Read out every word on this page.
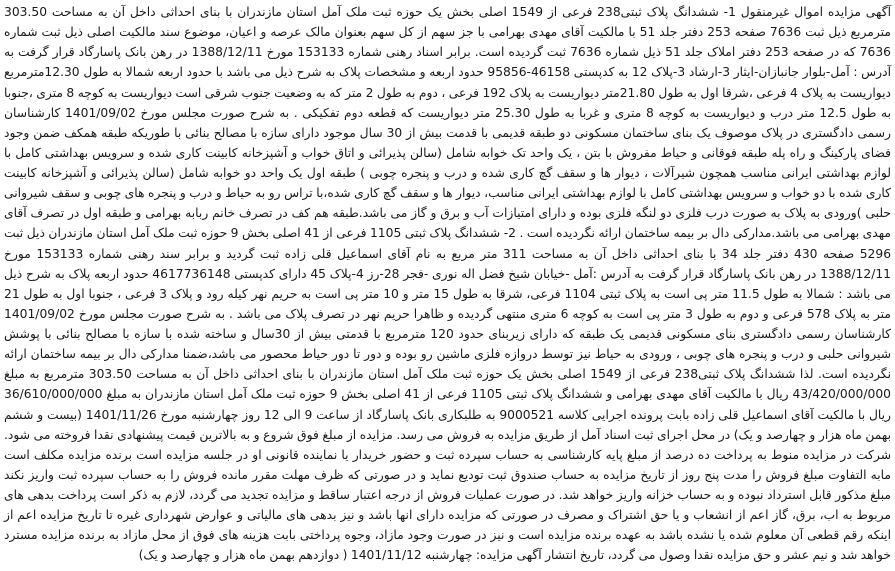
آگهی مزایده اموال غیرمنقول 1- ششدانگ پلاک ثبتی238 فرعی از 1549 اصلی بخش یک حوزه ثبت ملک آمل استان مازندران با بنای احداثی داخل آن به مساحت 303.50 مترمربع ذیل ثبت 7636 صفحه 253 دفتر جلد 51 با مالکیت آقای مهدی بهرامی با جز سهم از کل سهم بعنوان مالک عرصه و اعیان، موضوع سند مالکیت اصلی ذیل ثبت شماره 7636 که در صفحه 253 دفتر املاک جلد 51 ذیل شماره 7636 ثبت گردیده است. برابر اسناد رهنی شماره 153133 مورخ 1388/12/11 در رهن بانک پاسارگاد قرار گرفت به آدرس : آمل-بلوار جانبازان-ایثار 3-ارشاد 3-پلاک 12 به کدپستی 46158-95856 حدود اربعه و مشخصات پلاک به شرح ذیل می باشد با حدود اربعه شمالا به طول 12.30مترمربع دیواریست به پلاک 4 فرعی ،شرقا اول به طول 21.80متر دیواریست به پلاک 192 فرعی ، دوم به طول 2 متر که به وضعیت جنوب شرقی است دیواریست به کوچه 8 متری ،جنوبا به طول 12.5 متر درب و دیواریست به کوچه 8 متری و غربا به طول 25.30 متر دیواریست که قطعه دوم تفکیکی . به شرح صورت مجلس مورخ 1401/09/02 کارشناسان رسمی دادگستری در پلاک موصوف یک بنای ساختمان مسکونی دو طبقه قدیمی با قدمت بیش از 30 سال موجود دارای سازه با مصالح بنائی با طوریکه طبقه همکف ضمن وجود فضای پارکینگ و راه پله طبقه فوقانی و حیاط مفروش با بتن ، یک واحد تک خوابه شامل (سالن پذیرائی و اتاق خواب و آشپزخانه کابینت کاری شده و سرویس بهداشتی کامل با لوازم بهداشتی ایرانی مناسب همچون شیرآلات ، دیوار ها و سقف گچ کاری شده و درب و پنجره چوبی ) طبقه اول یک واحد دو خوابه شامل (سالن پذیرائی و آشپزخانه کابینت کاری شده با دو خواب و سرویس بهداشتی کامل با لوازم بهداشتی ایرانی مناسب، دیوار ها و سقف گچ کاری شده،با تراس رو به حیاط و درب و پنجره های چوبی و سقف شیروانی حلبی )ورودی به پلاک به صورت درب فلزی دو لنگه فلزی بوده و دارای امتیازات آب و برق و گاز می باشد.طبقه هم کف در تصرف خانم ربابه بهرامی و طبقه اول در تصرف آقای مهدی بهرامی می باشد.مدارکی دال بر بیمه ساختمان ارائه نگردیده است . 2- ششدانگ پلاک ثبتی 1105 فرعی از 41 اصلی بخش 9 حوزه ثبت ملک آمل استان مازندران ذیل ثبت 5296 صفحه 430 دفتر جلد 34 با بنای احداثی داخل آن به مساحت 311 متر مربع به نام آقای اسماعیل قلی زاده ثبت گردید و برابر سند رهنی شماره 153133 مورخ 1388/12/11 در رهن بانک پاسارگاد قرار گرفت به آدرس :آمل -خیابان شیخ فضل اله نوری -فجر 28-رز 4-پلاک 45 دارای کدپستی 4617736148 حدود اربعه پلاک به شرح ذیل می باشد : شمالا به طول 11.5 متر پی است به پلاک ثبتی 1104 فرعی، شرقا به طول 15 متر و 10 متر پی است به حریم نهر کیله رود و پلاک 3 فرعی ، جنوبا اول به طول 21 متر به پلاک 578 فرعی و دوم به طول 3 متر پی است به کوچه 6 متری منتهی گردیده و ظاهرا حریم نهر در تصرف پلاک می باشد . به شرح صورت مجلس مورخ 1401/09/02 کارشناسان رسمی دادگستری بنای مسکونی قدیمی یک طبقه که دارای زیربنای حدود 120 مترمربع با قدمتی بیش از 30سال و ساخته شده با سازه با مصالح بنائی با پوشش شیروانی حلبی و درب و پنجره های چوبی ، ورودی به حیاط نیز توسط دروازه فلزی ماشین رو بوده و دور تا دور حیاط محصور می باشد،ضمنا مدارکی دال بر بیمه ساختمان ارائه نگردیده است. لذا ششدانگ پلاک ثبتی238 فرعی از 1549 اصلی بخش یک حوزه ثبت ملک آمل استان مازندران با بنای احداثی داخل آن به مساحت 303.50 مترمربع به مبلغ 43/420/000/000 ریال با مالکیت آقای مهدی بهرامی و ششدانگ پلاک ثبتی 1105 فرعی از 41 اصلی بخش 9 حوزه ثبت ملک آمل استان مازندران به مبلغ 36/610/000/000 ریال با مالکیت آقای اسماعیل قلی زاده بابت پرونده اجرایی کلاسه 9000521 به طلبکاری بانک پاسارگاد از ساعت 9 الی 12 روز چهارشنبه مورخ 1401/11/26 (بیست و ششم بهمن ماه هزار و چهارصد و یک) در محل اجرای ثبت اسناد آمل از طریق مزایده به فروش می رسد. مزایده از مبلغ فوق شروع و به بالاترین قیمت پیشنهادی نقدا فروخته می شود. شرکت در مزایده منوط به پرداخت ده درصد از مبلغ پایه کارشناسی به حساب سپرده ثبت و حضور خریدار یا نماینده قانونی او در جلسه مزایده است برنده مزایده مکلف است مابه التفاوت مبلغ فروش را مدت پنج روز از تاریخ مزایده به حساب صندوق ثبت تودیع نماید و در صورتی که ظرف مهلت مقرر مانده فروش را به حساب سپرده ثبت واریز نکند مبلغ مذکور قابل استرداد نبوده و به حساب خزانه واریز خواهد شد. در صورت عملیات فروش از درجه اعتبار ساقط و مزایده تجدید می گردد، لازم به ذکر است پرداخت بدهی های مربوط به اب، برق، گاز اعم از انشعاب و یا حق اشتراک و مصرف در صورتی که مزایده دارای انها باشد و نیز بدهی های مالیاتی و عوارض شهرداری غیره تا تاریخ مزایده اعم از اینکه رقم قطعی آن معلوم شده یا نشده باشد به عهده برنده مزایده است و نیز در صورت وجود مازاد، وجوه پرداختی بابت هزینه های فوق از محل مازاد به برنده مزایده مسترد خواهد شد و نیم عشر و حق مزایده نقدا وصول می گردد، تاریخ انتشار آگهی مزایده: چهارشنبه 1401/11/12 ( دوازدهم بهمن ماه هزار و چهارصد و یک)
